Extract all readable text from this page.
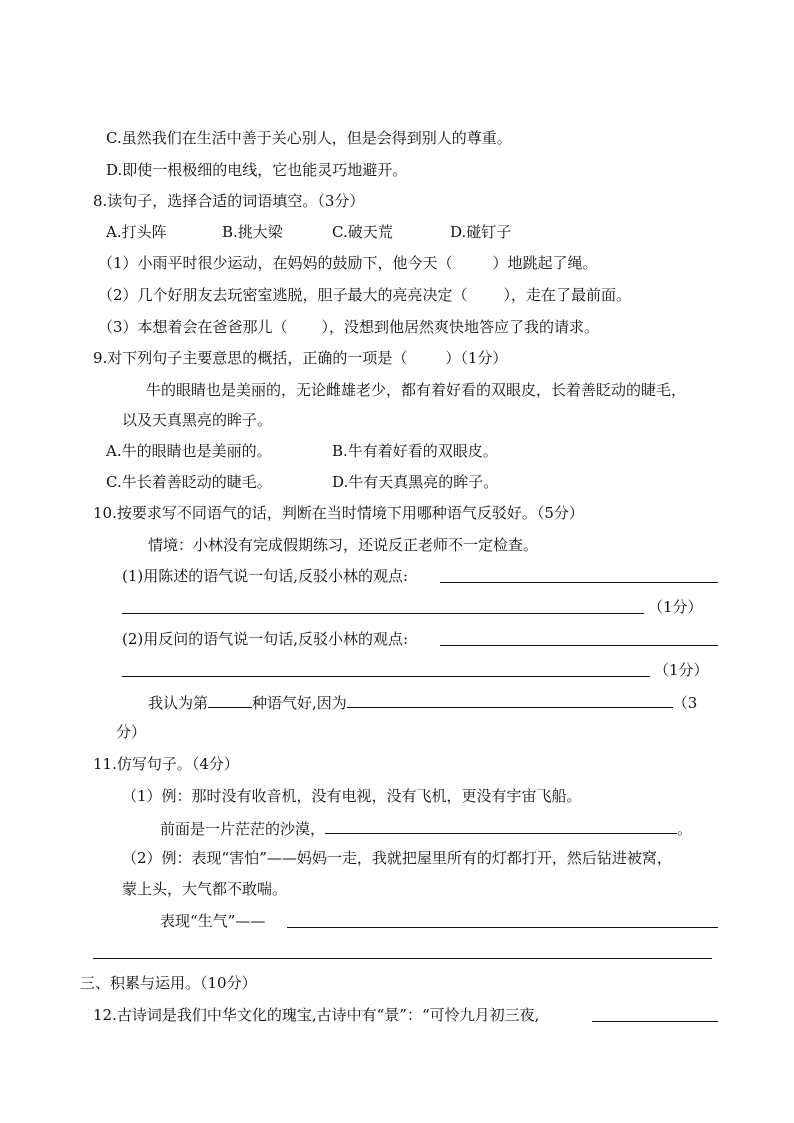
C.虽然我们在生活中善于关心别人，但是会得到别人的尊重。
D.即使一根极细的电线，它也能灵巧地避开。
8.读句子，选择合适的词语填空。（3分）
A.打头阵	B.挑大梁	C.破天荒	D.碰钉子
（1）小雨平时很少运动，在妈妈的鼓励下，他今天（	）地跳起了绳。
（2）几个好朋友去玩密室逃脱，胆子最大的亮亮决定（ ），走在了最前面。
（3）本想着会在爸爸那儿（ ），没想到他居然爽快地答应了我的请求。
9.对下列句子主要意思的概括，正确的一项是（	）（1分）
牛的眼睛也是美丽的，无论雌雄老少，都有着好看的双眼皮，长着善眨动的睫毛，
以及天真黑亮的眸子。
A.牛的眼睛也是美丽的。	B.牛有着好看的双眼皮。
C.牛长着善眨动的睫毛。	D.牛有天真黑亮的眸子。
10.按要求写不同语气的话，判断在当时情境下用哪种语气反驳好。（5分）
情境：小林没有完成假期练习，还说反正老师不一定检查。
(1)用陈述的语气说一句话,反驳小林的观点:
（1分）
(2)用反问的语气说一句话,反驳小林的观点:
（1分）
我认为第	种语气好,因为	（3
分）
11.仿写句子。（4分）
（1）例：那时没有收音机，没有电视，没有飞机，更没有宇宙飞船。
前面是一片茫茫的沙漠，	。
（2）例：表现“害怕”——妈妈一走，我就把屋里所有的灯都打开，然后钻进被窝，
蒙上头，大气都不敢喘。
表现“生气”——
三、积累与运用。（10分）
12.古诗词是我们中华文化的瑰宝,古诗中有“景”：“可怜九月初三夜,
